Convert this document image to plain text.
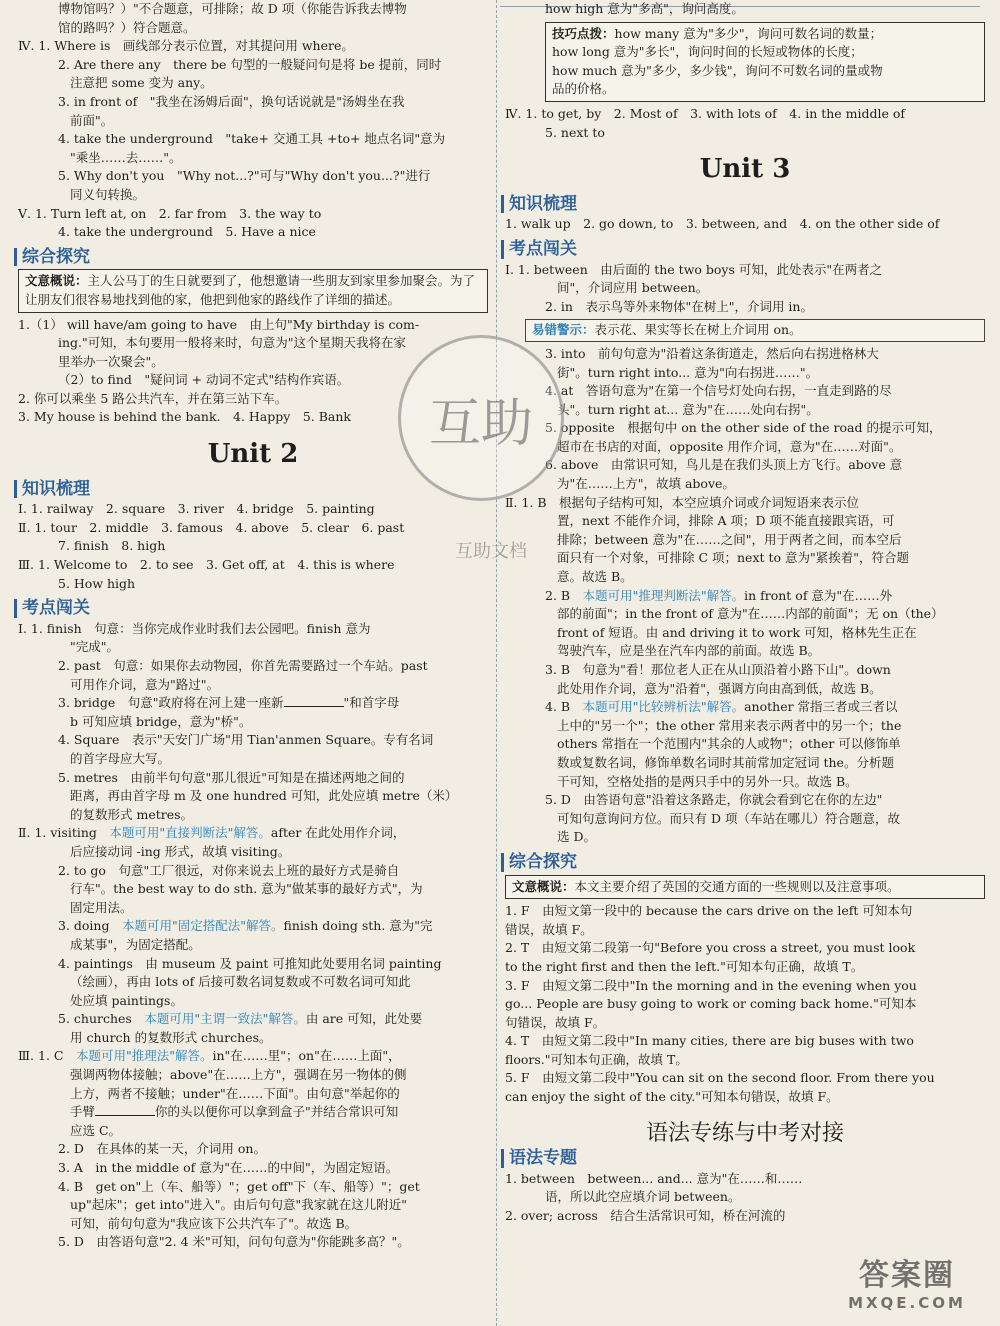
博物馆吗？）"不合题意，可排除；故 D 项（你能告诉我去博物

馆的路吗？）符合题意。

Ⅳ. 1. Where is　画线部分表示位置，对其提问用 where。

2. Are there any　there be 句型的一般疑问句是将 be 提前，同时

注意把 some 变为 any。

3. in front of　"我坐在汤姆后面"，换句话说就是"汤姆坐在我

前面"。

4. take the underground　"take+ 交通工具 +to+ 地点名词"意为

"乘坐……去……"。

5. Why don't you　"Why not...?"可与"Why don't you...?"进行

同义句转换。

Ⅴ. 1. Turn left at, on　2. far from　3. the way to

4. take the underground　5. Have a nice

综合探究
文意概说：主人公马丁的生日就要到了，他想邀请一些朋友到家里参加聚会。为了让朋友们很容易地找到他的家，他把到他家的路线作了详细的描述。

1.（1） will have/am going to have　由上句"My birthday is com-

ing."可知，本句要用一般将来时，句意为"这个星期天我将在家

里举办一次聚会"。

（2）to find　"疑问词 + 动词不定式"结构作宾语。

2. 你可以乘坐 5 路公共汽车，并在第三站下车。

3. My house is behind the bank.　4. Happy　5. Bank

Unit 2
知识梳理

Ⅰ. 1. railway　2. square　3. river　4. bridge　5. painting

Ⅱ. 1. tour　2. middle　3. famous　4. above　5. clear　6. past

7. finish　8. high

Ⅲ. 1. Welcome to　2. to see　3. Get off, at　4. this is where

5. How high

考点闯关

Ⅰ. 1. finish　句意：当你完成作业时我们去公园吧。finish 意为

"完成"。

2. past　句意：如果你去动物园，你首先需要路过一个车站。past

可用作介词，意为"路过"。

3. bridge　句意"政府将在河上建一座新	"和首字母

b 可知应填 bridge，意为"桥"。

4. Square　表示"天安门广场"用 Tian'anmen Square。专有名词

的首字母应大写。

5. metres　由前半句句意"那儿很近"可知是在描述两地之间的

距离，再由首字母 m 及 one hundred 可知，此处应填 metre（米）

的复数形式 metres。

Ⅱ. 1. visiting　本题可用"直接判断法"解答。after 在此处用作介词，

后应接动词 -ing 形式，故填 visiting。

2. to go　句意"工厂很远，对你来说去上班的最好方式是骑自

行车"。the best way to do sth. 意为"做某事的最好方式"，为

固定用法。

3. doing　本题可用"固定搭配法"解答。finish doing sth. 意为"完

成某事"，为固定搭配。

4. paintings　由 museum 及 paint 可推知此处要用名词 painting

（绘画），再由 lots of 后接可数名词复数或不可数名词可知此

处应填 paintings。

5. churches　本题可用"主谓一致法"解答。由 are 可知，此处要

用 church 的复数形式 churches。

Ⅲ. 1. C　本题可用"推理法"解答。in"在……里"；on"在……上面"，

强调两物体接触；above"在……上方"，强调在另一物体的侧

上方，两者不接触；under"在……下面"。由句意"举起你的

手臂	你的头以便你可以拿到盒子"并结合常识可知

应选 C。

2. D　在具体的某一天，介词用 on。

3. A　in the middle of 意为"在……的中间"，为固定短语。

4. B　get on"上（车、船等）"；get off"下（车、船等）"；get

up"起床"；get into"进入"。由后句句意"我家就在这儿附近"

可知，前句句意为"我应该下公共汽车了"。故选 B。

5. D　由答语句意"2. 4 米"可知，问句句意为"你能跳多高？"。

how high 意为"多高"，询问高度。

技巧点拨：how many 意为"多少"，询问可数名词的数量；
how long 意为"多长"，询问时间的长短或物体的长度；
how much 意为"多少，多少钱"，询问不可数名词的量或物
品的价格。

Ⅳ. 1. to get, by　2. Most of　3. with lots of　4. in the middle of

5. next to

Unit 3
知识梳理

1. walk up　2. go down, to　3. between, and　4. on the other side of

考点闯关

Ⅰ. 1. between　由后面的 the two boys 可知，此处表示"在两者之

间"，介词应用 between。

2. in　表示鸟等外来物体"在树上"，介词用 in。

易错警示：表示花、果实等长在树上介词用 on。

3. into　前句句意为"沿着这条街道走，然后向右拐进格林大

街"。turn right into... 意为"向右拐进……"。

4. at　答语句意为"在第一个信号灯处向右拐，一直走到路的尽

头"。turn right at... 意为"在……处向右拐"。

5. opposite　根据句中 on the other side of the road 的提示可知，

超市在书店的对面，opposite 用作介词，意为"在……对面"。

6. above　由常识可知，鸟儿是在我们头顶上方飞行。above 意

为"在……上方"，故填 above。

Ⅱ. 1. B　根据句子结构可知，本空应填介词或介词短语来表示位

置，next 不能作介词，排除 A 项；D 项不能直接跟宾语，可

排除；between 意为"在……之间"，用于两者之间，而本空后

面只有一个对象，可排除 C 项；next to 意为"紧挨着"，符合题

意。故选 B。

2. B　本题可用"推理判断法"解答。in front of 意为"在……外

部的前面"；in the front of 意为"在……内部的前面"；无 on（the）

front of 短语。由 and driving it to work 可知，格林先生正在

驾驶汽车，应是坐在汽车内部的前面。故选 B。

3. B　句意为"看！那位老人正在从山顶沿着小路下山"。down

此处用作介词，意为"沿着"，强调方向由高到低，故选 B。

4. B　本题可用"比较辨析法"解答。another 常指三者或三者以

上中的"另一个"；the other 常用来表示两者中的另一个；the

others 常指在一个范围内"其余的人或物"；other 可以修饰单

数或复数名词，修饰单数名词时其前常加定冠词 the。分析题

干可知，空格处指的是两只手中的另外一只。故选 B。

5. D　由答语句意"沿着这条路走，你就会看到它在你的左边"

可知句意询问方位。而只有 D 项（车站在哪儿）符合题意，故

选 D。

综合探究
文意概说：本文主要介绍了英国的交通方面的一些规则以及注意事项。

1. F　由短文第一段中的 because the cars drive on the left 可知本句

错误，故填 F。

2. T　由短文第二段第一句"Before you cross a street, you must look

to the right first and then the left."可知本句正确，故填 T。

3. F　由短文第二段中"In the morning and in the evening when you

go... People are busy going to work or coming back home."可知本

句错误，故填 F。

4. T　由短文第二段中"In many cities, there are big buses with two

floors."可知本句正确，故填 T。

5. F　由短文第二段中"You can sit on the second floor. From there you

can enjoy the sight of the city."可知本句错误，故填 F。

语法专练与中考对接
语法专题

1. between　between... and... 意为"在……和……

语，所以此空应填介词 between。

2. over; across　结合生活常识可知，桥在河流的

互助
互助文档
答案圈
MXQE.COM
